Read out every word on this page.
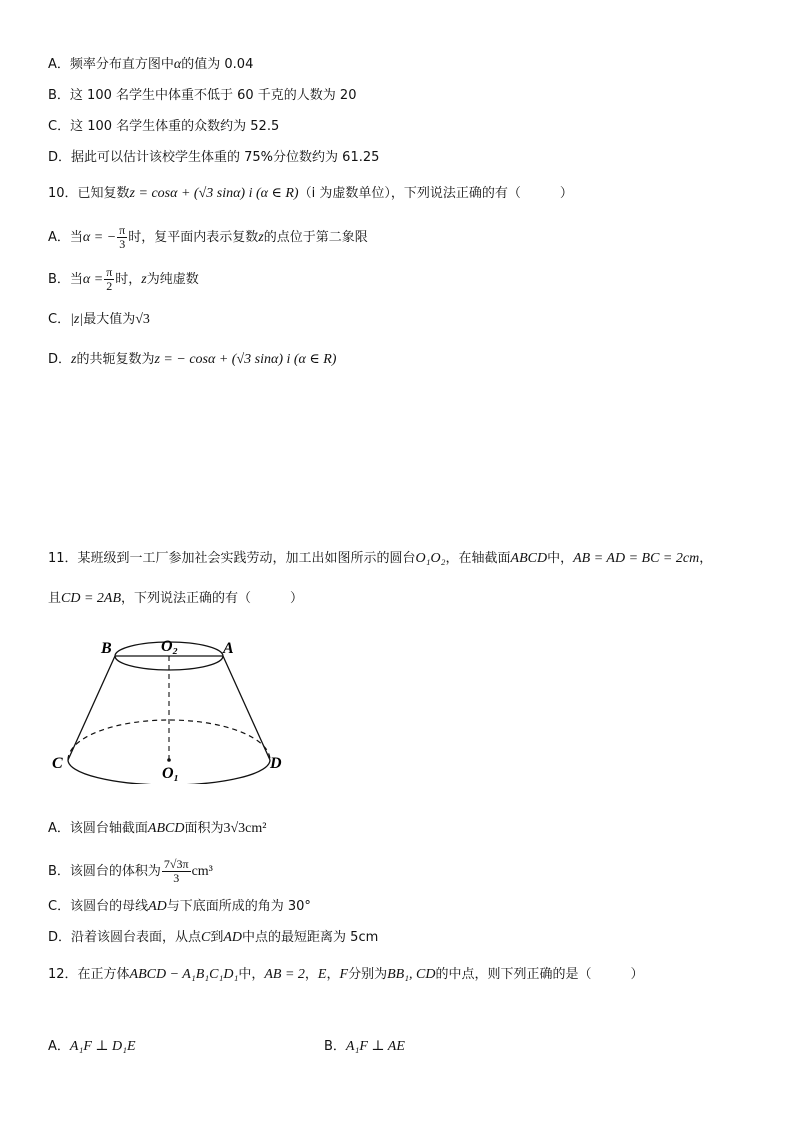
A．频率分布直方图中α的值为 0.04
B．这 100 名学生中体重不低于 60 千克的人数为 20
C．这 100 名学生体重的众数约为 52.5
D．据此可以估计该校学生体重的 75%分位数约为 61.25
10．已知复数z = cosα + (√3 sinα) i (α ∈ R)（i 为虚数单位），下列说法正确的有（　　　）
A．当α = − $\frac{\pi}{3}$ 时，复平面内表示复数z的点位于第二象限
B．当$\alpha = \frac{\pi}{2}$ 时，z为纯虚数
C．|z|最大值为√3
D．z的共轭复数为z = − cosα + (√3 sinα) i (α ∈ R)
11．某班级到一工厂参加社会实践劳动，加工出如图所示的圆台O₁O₂，在轴截面ABCD中，AB = AD = BC = 2cm，
且CD = 2AB，下列说法正确的有（　　　）
B	O₂	A
C
O₁
D
A．该圆台轴截面ABCD面积为3√3cm²
B．该圆台的体积为 $\frac{7√3\pi}{3} cm^3$
C．该圆台的母线AD与下底面所成的角为 30°
D．沿着该圆台表面，从点C到AD中点的最短距离为 5cm
12．在正方体ABCD − A₁B₁C₁D₁中，AB = 2，E，F分别为BB₁, CD的中点，则下列正确的是（　　　）
A．A₁F ⊥ D₁E	B．A₁F ⊥ AE
